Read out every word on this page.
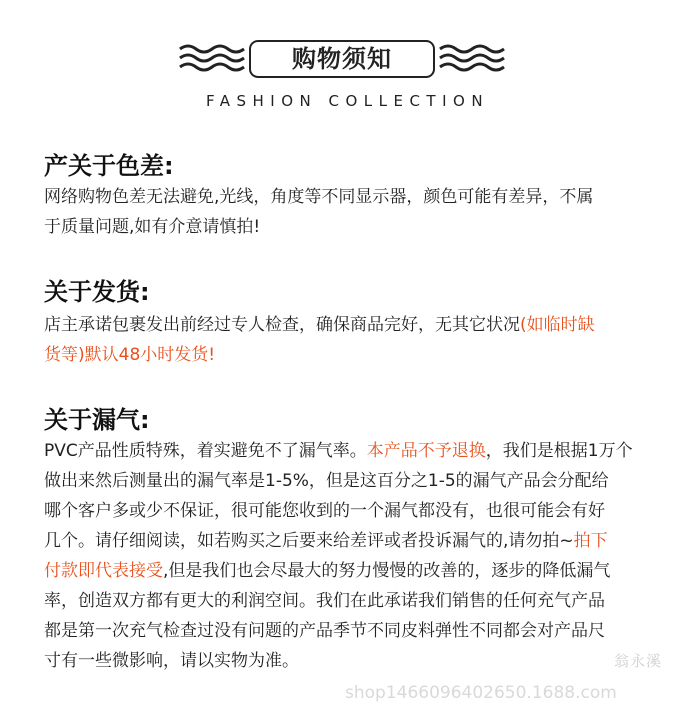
购物须知
FASHION COLLECTION
产关于色差:
网络购物色差无法避免,光线，角度等不同显示器，颜色可能有差异，不属
于质量问题,如有介意请慎拍!
关于发货:
店主承诺包裹发出前经过专人检查，确保商品完好，无其它状况(如临时缺
货等)默认48小时发货!
关于漏气:
PVC产品性质特殊，着实避免不了漏气率。本产品不予退换，我们是根据1万个
做出来然后测量出的漏气率是1-5%，但是这百分之1-5的漏气产品会分配给
哪个客户多或少不保证，很可能您收到的一个漏气都没有，也很可能会有好
几个。请仔细阅读，如若购买之后要来给差评或者投诉漏气的,请勿拍~拍下
付款即代表接受,但是我们也会尽最大的努力慢慢的改善的，逐步的降低漏气
率，创造双方都有更大的利润空间。我们在此承诺我们销售的任何充气产品
都是第一次充气检查过没有问题的产品季节不同皮料弹性不同都会对产品尺
寸有一些微影响，请以实物为准。	翁永溪
shop1466096402650.1688.com
